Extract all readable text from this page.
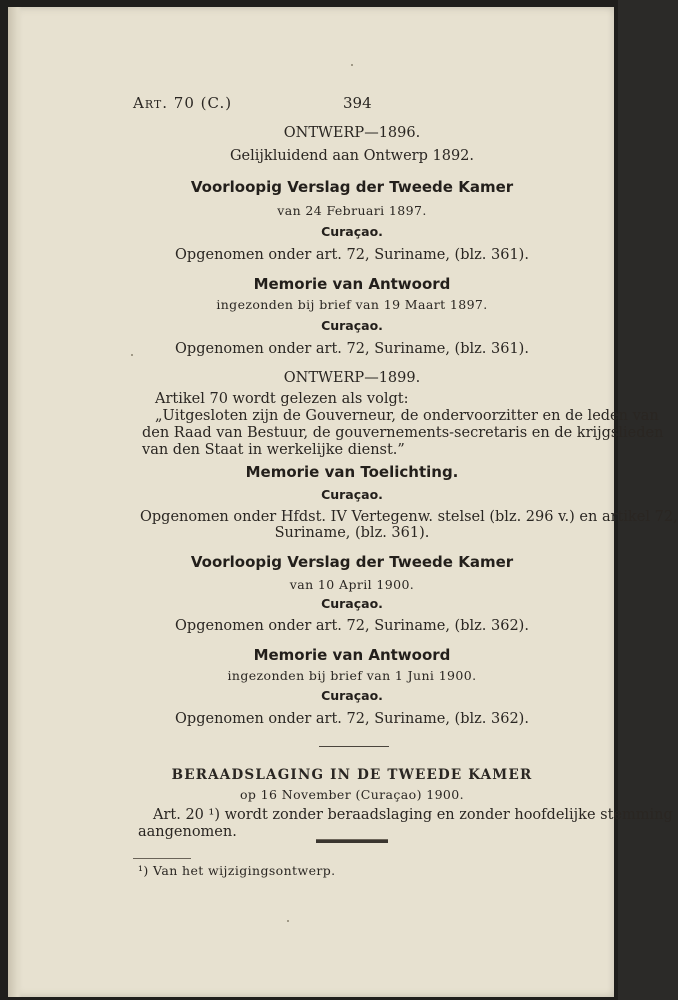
Art. 70 (C.)	394
ONTWERP—1896.
Gelijkluidend aan Ontwerp 1892.
Voorloopig Verslag der Tweede Kamer
van 24 Februari 1897.
Curaçao.
Opgenomen onder art. 72, Suriname, (blz. 361).
Memorie van Antwoord
ingezonden bij brief van 19 Maart 1897.
Curaçao.
Opgenomen onder art. 72, Suriname, (blz. 361).
ONTWERP—1899.
Artikel 70 wordt gelezen als volgt:
„Uitgesloten zijn de Gouverneur, de ondervoorzitter en de leden van
den Raad van Bestuur, de gouvernements-secretaris en de krijgslieden
van den Staat in werkelijke dienst.”
Memorie van Toelichting.
Curaçao.
Opgenomen onder Hfdst. IV Vertegenw. stelsel (blz. 296 v.) en artikel 72,
Suriname, (blz. 361).
Voorloopig Verslag der Tweede Kamer
van 10 April 1900.
Curaçao.
Opgenomen onder art. 72, Suriname, (blz. 362).
Memorie van Antwoord
ingezonden bij brief van 1 Juni 1900.
Curaçao.
Opgenomen onder art. 72, Suriname, (blz. 362).
BERAADSLAGING IN DE TWEEDE KAMER
op 16 November (Curaçao) 1900.
Art. 20 ¹) wordt zonder beraadslaging en zonder hoofdelijke stemming
aangenomen.
¹) Van het wijzigingsontwerp.
